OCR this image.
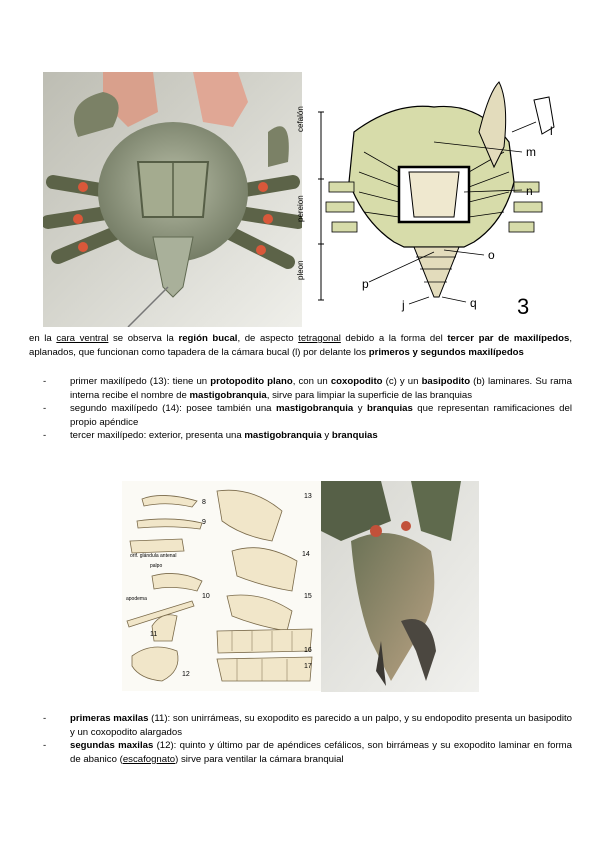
cefalón
pereion
pleon
l
m
n
o
p
j	q 3

en la cara ventral se observa la región bucal, de aspecto tetragonal debido a la forma del tercer par de maxilípedos, aplanados, que funcionan como tapadera de la cámara bucal (l) por delante los primeros y segundos maxilípedos

- primer maxilípedo (13): tiene un protopodito plano, con un coxopodito (c) y un basipodito (b) laminares. Su rama interna recibe el nombre de mastigobranquia, sirve para limpiar la superficie de las branquias
- segundo maxilípedo (14): posee también una mastigobranquia y branquias que representan ramificaciones del propio apéndice
- tercer maxilípedo: exterior, presenta una mastigobranquia y branquias
8
9
orif. glándula antenal
palpo
apodema	10
11
12
13
14
15
16
17
- primeras maxilas (11): son unirrámeas, su exopodito es parecido a un palpo, y su endopodito presenta un basipodito y un coxopodito alargados
- segundas maxilas (12): quinto y último par de apéndices cefálicos, son birrámeas y su exopodito laminar en forma de abanico (escafognato) sirve para ventilar la cámara branquial
